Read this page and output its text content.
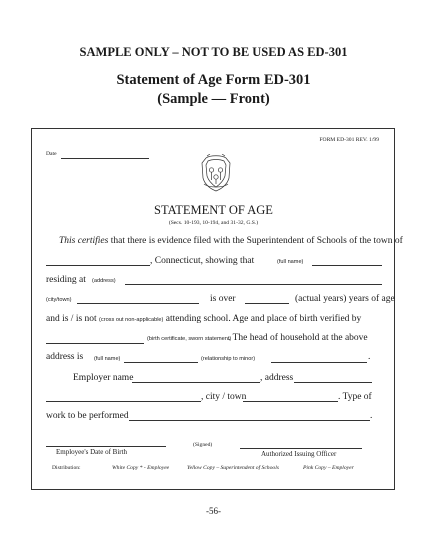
SAMPLE ONLY – NOT TO BE USED AS ED-301
Statement of Age Form ED-301
(Sample — Front)
FORM ED-301 REV. 1/99
Date
STATEMENT OF AGE
(Secs. 10-193, 10-194, and 31-32, G.S.)
This certifies that there is evidence filed with the Superintendent of Schools of the town of
, Connecticut, showing that	(full name)
residing at (address)
(city/town)	is over	(actual years) years of age
and is / is not (cross out non-applicable) attending school. Age and place of birth verified by
(birth certificate, sworn statement)
. The head of household at the above
address is (full name)	(relationship to minor)	.
Employer name	, address
, city / town	. Type of
work to be performed	.
(Signed)
Employee's Date of Birth	Authorized Issuing Officer
Distribution:	White Copy * - Employee	Yellow Copy – Superintendent of Schools	Pink Copy – Employer
-56-
